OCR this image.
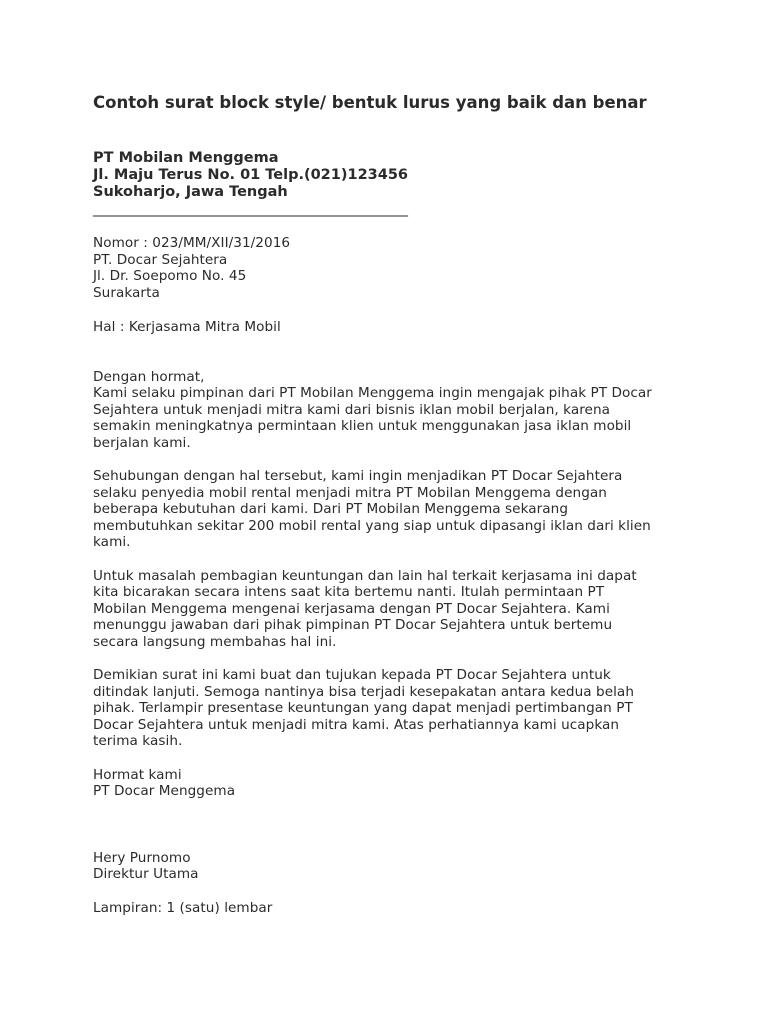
Contoh surat block style/ bentuk lurus yang baik dan benar
PT Mobilan Menggema
Jl. Maju Terus No. 01 Telp.(021)123456
Sukoharjo, Jawa Tengah
_____________________________________________
Nomor : 023/MM/XII/31/2016
PT. Docar Sejahtera
Jl. Dr. Soepomo No. 45
Surakarta
Hal : Kerjasama Mitra Mobil
Dengan hormat,
Kami selaku pimpinan dari PT Mobilan Menggema ingin mengajak pihak PT Docar
Sejahtera untuk menjadi mitra kami dari bisnis iklan mobil berjalan, karena
semakin meningkatnya permintaan klien untuk menggunakan jasa iklan mobil
berjalan kami.
Sehubungan dengan hal tersebut, kami ingin menjadikan PT Docar Sejahtera
selaku penyedia mobil rental menjadi mitra PT Mobilan Menggema dengan
beberapa kebutuhan dari kami. Dari PT Mobilan Menggema sekarang
membutuhkan sekitar 200 mobil rental yang siap untuk dipasangi iklan dari klien
kami.
Untuk masalah pembagian keuntungan dan lain hal terkait kerjasama ini dapat
kita bicarakan secara intens saat kita bertemu nanti. Itulah permintaan PT
Mobilan Menggema mengenai kerjasama dengan PT Docar Sejahtera. Kami
menunggu jawaban dari pihak pimpinan PT Docar Sejahtera untuk bertemu
secara langsung membahas hal ini.
Demikian surat ini kami buat dan tujukan kepada PT Docar Sejahtera untuk
ditindak lanjuti. Semoga nantinya bisa terjadi kesepakatan antara kedua belah
pihak. Terlampir presentase keuntungan yang dapat menjadi pertimbangan PT
Docar Sejahtera untuk menjadi mitra kami. Atas perhatiannya kami ucapkan
terima kasih.
Hormat kami
PT Docar Menggema
Hery Purnomo
Direktur Utama
Lampiran: 1 (satu) lembar
